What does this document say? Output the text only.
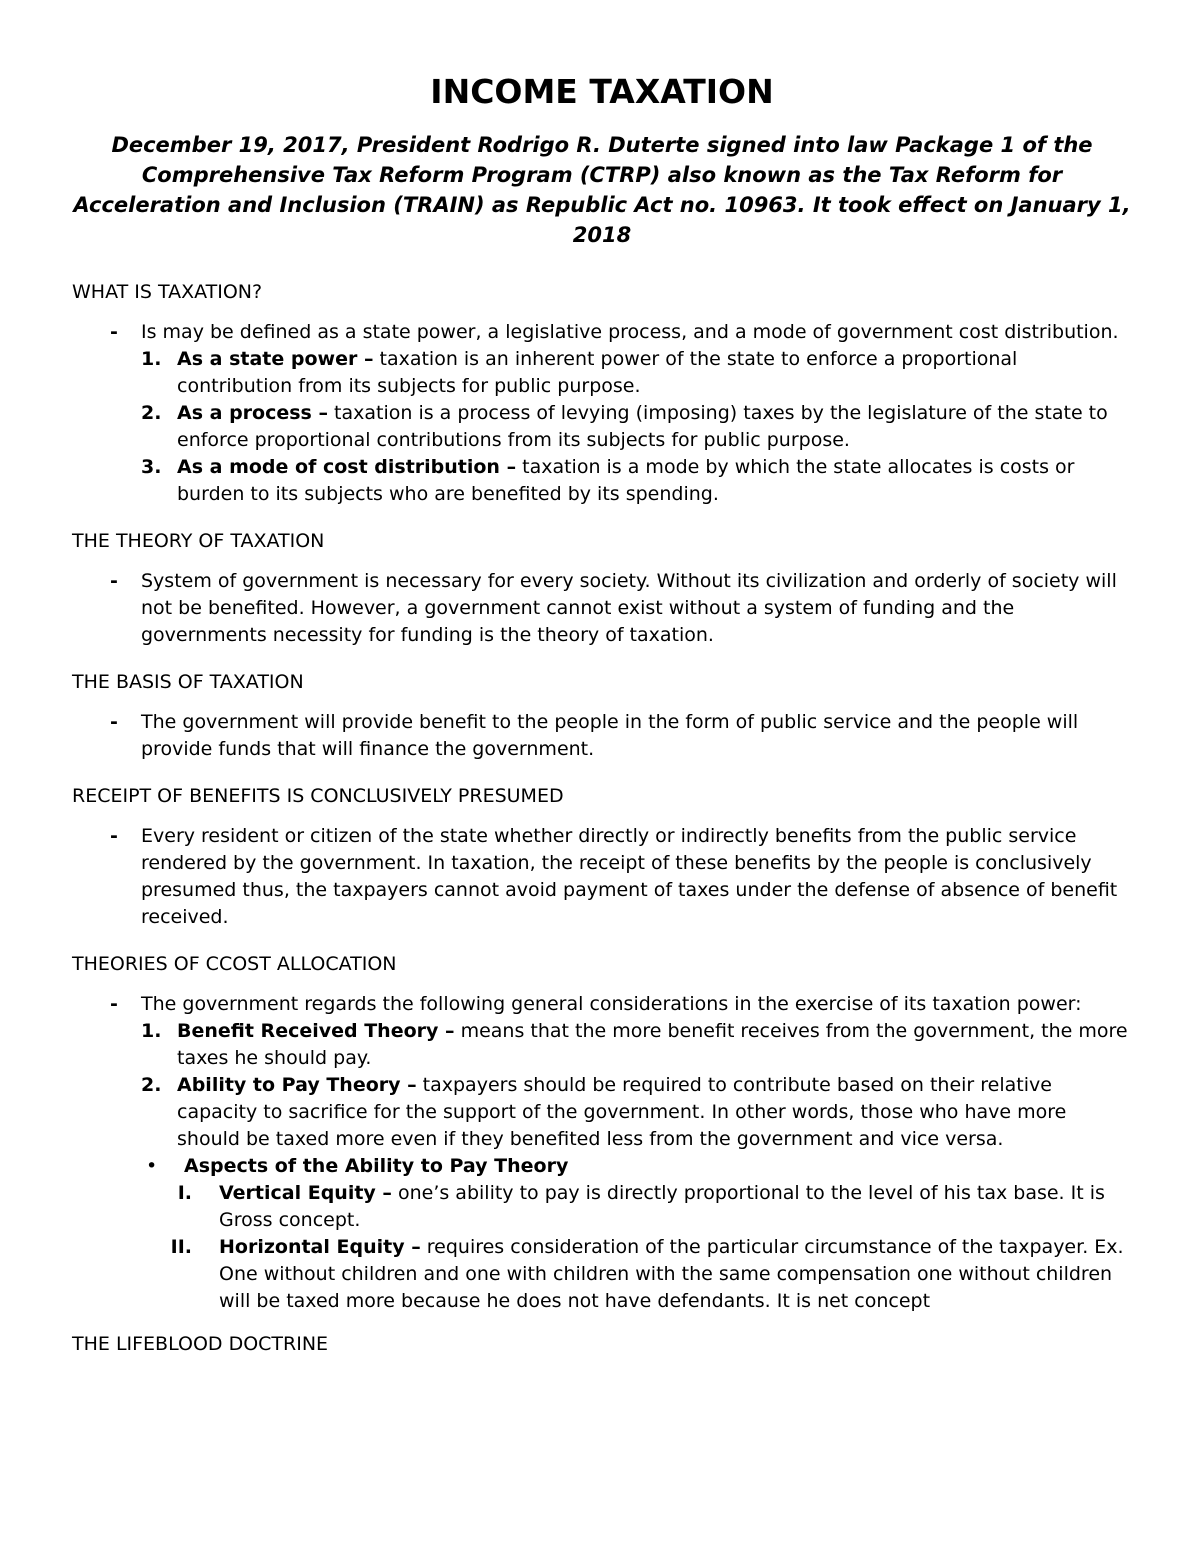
INCOME TAXATION

December 19, 2017, President Rodrigo R. Duterte signed into law Package 1 of the Comprehensive Tax Reform Program (CTRP) also known as the Tax Reform for Acceleration and Inclusion (TRAIN) as Republic Act no. 10963. It took effect on January 1, 2018

WHAT IS TAXATION?
- Is may be defined as a state power, a legislative process, and a mode of government cost distribution.
1. As a state power – taxation is an inherent power of the state to enforce a proportional contribution from its subjects for public purpose.
2. As a process – taxation is a process of levying (imposing) taxes by the legislature of the state to enforce proportional contributions from its subjects for public purpose.
3. As a mode of cost distribution – taxation is a mode by which the state allocates is costs or burden to its subjects who are benefited by its spending.
THE THEORY OF TAXATION
- System of government is necessary for every society. Without its civilization and orderly of society will not be benefited. However, a government cannot exist without a system of funding and the governments necessity for funding is the theory of taxation.
THE BASIS OF TAXATION
- The government will provide benefit to the people in the form of public service and the people will provide funds that will finance the government.
RECEIPT OF BENEFITS IS CONCLUSIVELY PRESUMED
- Every resident or citizen of the state whether directly or indirectly benefits from the public service rendered by the government. In taxation, the receipt of these benefits by the people is conclusively presumed thus, the taxpayers cannot avoid payment of taxes under the defense of absence of benefit received.
THEORIES OF CCOST ALLOCATION
- The government regards the following general considerations in the exercise of its taxation power:
1. Benefit Received Theory – means that the more benefit receives from the government, the more taxes he should pay.
2. Ability to Pay Theory – taxpayers should be required to contribute based on their relative capacity to sacrifice for the support of the government. In other words, those who have more should be taxed more even if they benefited less from the government and vice versa.
• Aspects of the Ability to Pay Theory
I. Vertical Equity – one’s ability to pay is directly proportional to the level of his tax base. It is Gross concept.
II. Horizontal Equity – requires consideration of the particular circumstance of the taxpayer. Ex. One without children and one with children with the same compensation one without children will be taxed more because he does not have defendants. It is net concept
THE LIFEBLOOD DOCTRINE
